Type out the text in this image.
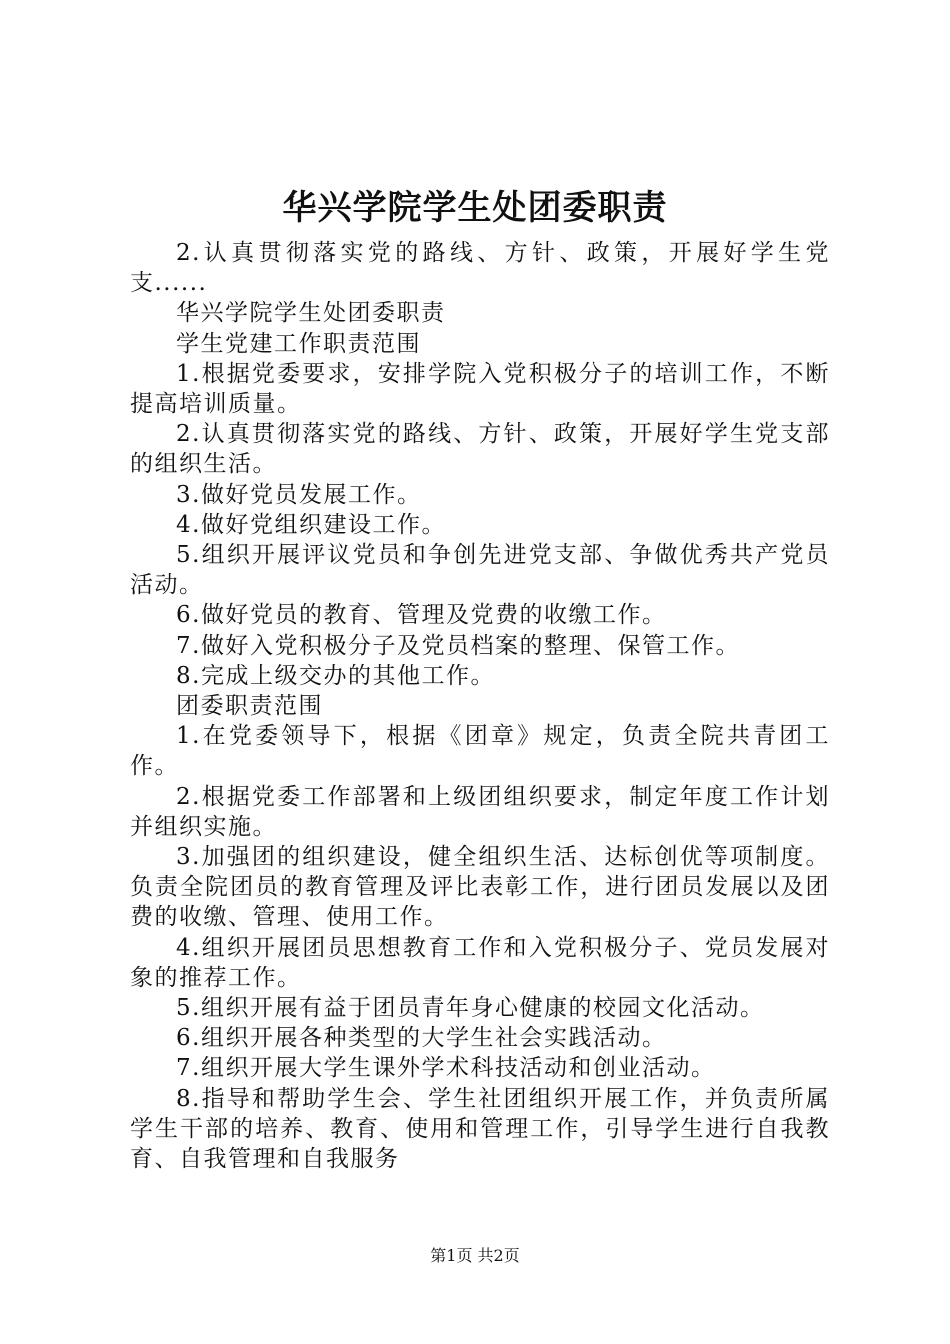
华兴学院学生处团委职责

2.认真贯彻落实党的路线、方针、政策，开展好学生党支......

华兴学院学生处团委职责

学生党建工作职责范围

1.根据党委要求，安排学院入党积极分子的培训工作，不断提高培训质量。

2.认真贯彻落实党的路线、方针、政策，开展好学生党支部的组织生活。

3.做好党员发展工作。

4.做好党组织建设工作。

5.组织开展评议党员和争创先进党支部、争做优秀共产党员活动。

6.做好党员的教育、管理及党费的收缴工作。

7.做好入党积极分子及党员档案的整理、保管工作。

8.完成上级交办的其他工作。

团委职责范围

1.在党委领导下，根据《团章》规定，负责全院共青团工作。

2.根据党委工作部署和上级团组织要求，制定年度工作计划并组织实施。

3.加强团的组织建设，健全组织生活、达标创优等项制度。负责全院团员的教育管理及评比表彰工作，进行团员发展以及团费的收缴、管理、使用工作。

4.组织开展团员思想教育工作和入党积极分子、党员发展对象的推荐工作。

5.组织开展有益于团员青年身心健康的校园文化活动。

6.组织开展各种类型的大学生社会实践活动。

7.组织开展大学生课外学术科技活动和创业活动。

8.指导和帮助学生会、学生社团组织开展工作，并负责所属学生干部的培养、教育、使用和管理工作，引导学生进行自我教育、自我管理和自我服务

第1页 共2页
